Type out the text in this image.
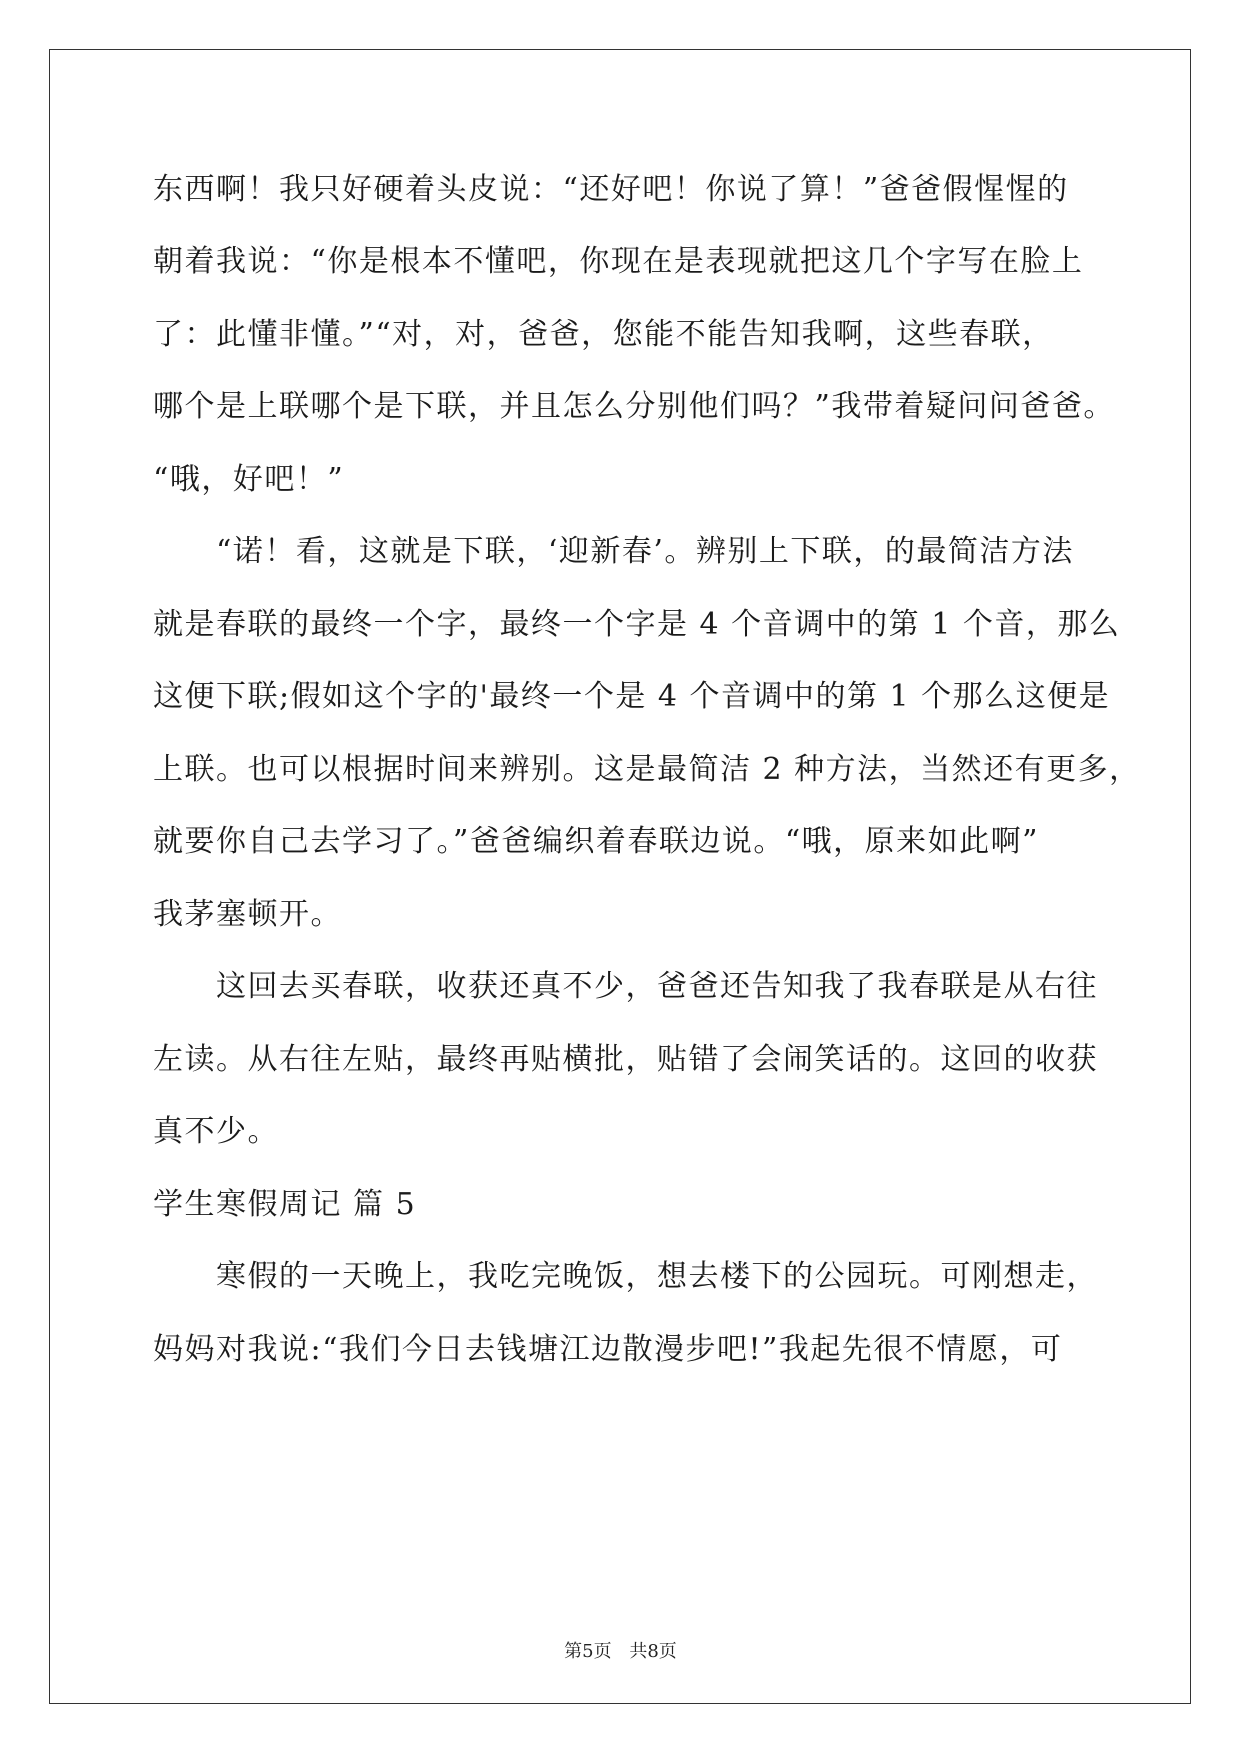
东西啊！我只好硬着头皮说：“还好吧！你说了算！”爸爸假惺惺的
朝着我说：“你是根本不懂吧，你现在是表现就把这几个字写在脸上
了：此懂非懂。”“对，对，爸爸，您能不能告知我啊，这些春联，
哪个是上联哪个是下联，并且怎么分别他们吗？”我带着疑问问爸爸。
“哦，好吧！”
　　“诺！看，这就是下联，‘迎新春’。辨别上下联，的最简洁方法
就是春联的最终一个字，最终一个字是 4 个音调中的第 1 个音，那么
这便下联;假如这个字的'最终一个是 4 个音调中的第 1 个那么这便是
上联。也可以根据时间来辨别。这是最简洁 2 种方法，当然还有更多，
就要你自己去学习了。”爸爸编织着春联边说。“哦，原来如此啊”
我茅塞顿开。
　　这回去买春联，收获还真不少，爸爸还告知我了我春联是从右往
左读。从右往左贴，最终再贴横批，贴错了会闹笑话的。这回的收获
真不少。
学生寒假周记 篇 5
　　寒假的一天晚上，我吃完晚饭，想去楼下的公园玩。可刚想走，
妈妈对我说:“我们今日去钱塘江边散漫步吧!”我起先很不情愿，可
第5页 共8页
